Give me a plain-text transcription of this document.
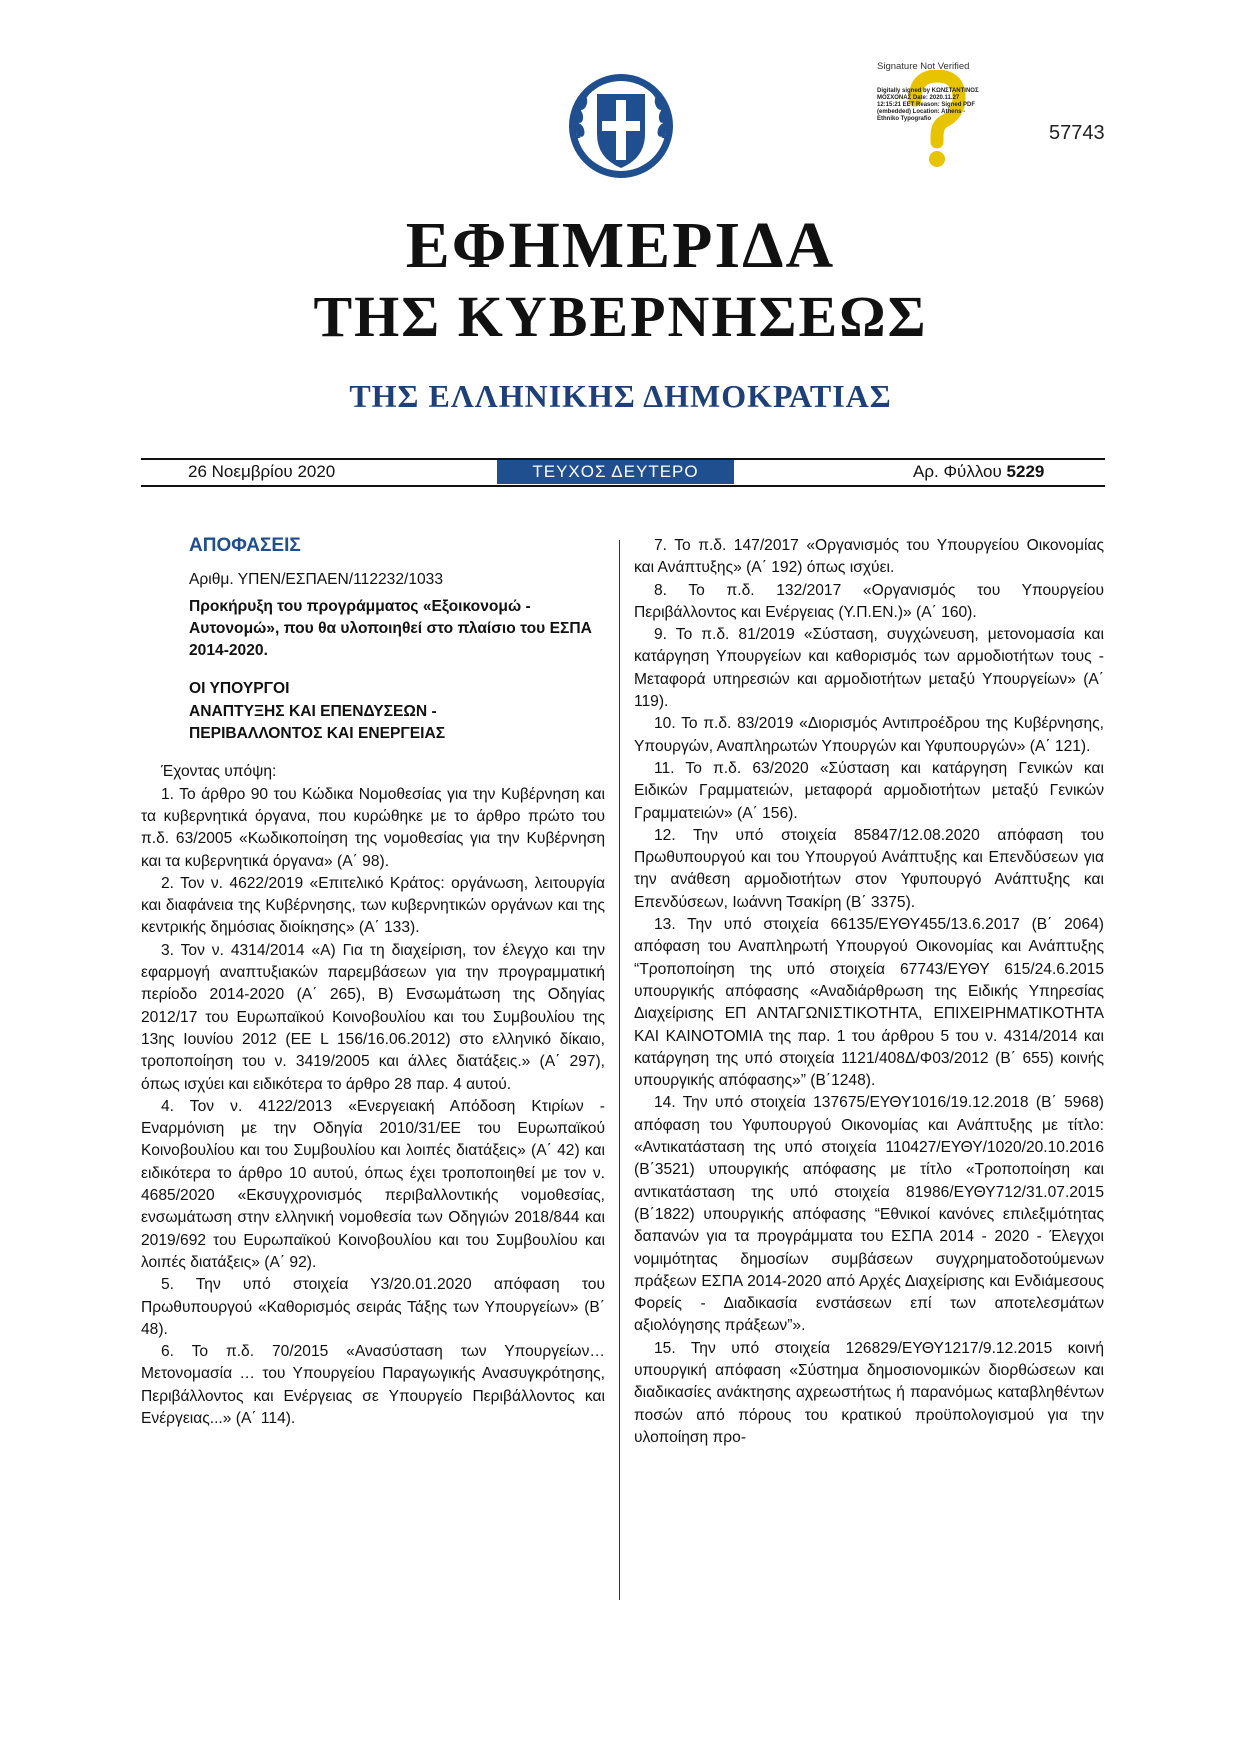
Signature Not Verified
Digitally signed by ΚΩΝΣΤΑΝΤΙΝΟΣ ΜΟΣΧΟΝΑΣ Date: 2020.11.27 12:15:21 EET Reason: Signed PDF (embedded) Location: Athens - Ethniko Typografio
57743
ΕΦΗΜΕΡΙΔΑ
ΤΗΣ ΚΥΒΕΡΝΗΣΕΩΣ
ΤΗΣ ΕΛΛΗΝΙΚΗΣ ΔΗΜΟΚΡΑΤΙΑΣ
26 Νοεμβρίου 2020	ΤΕΥΧΟΣ ΔΕΥΤΕΡΟ	Αρ. Φύλλου 5229
ΑΠΟΦΑΣΕΙΣ
Αριθμ. ΥΠΕΝ/ΕΣΠΑΕΝ/112232/1033
Προκήρυξη του προγράμματος «Εξοικονομώ - Αυτονομώ», που θα υλοποιηθεί στο πλαίσιο του ΕΣΠΑ 2014-2020.
ΟΙ ΥΠΟΥΡΓΟΙ
ΑΝΑΠΤΥΞΗΣ ΚΑΙ ΕΠΕΝΔΥΣΕΩΝ -
ΠΕΡΙΒΑΛΛΟΝΤΟΣ ΚΑΙ ΕΝΕΡΓΕΙΑΣ
Έχοντας υπόψη:

1. Το άρθρο 90 του Κώδικα Νομοθεσίας για την Κυβέρνηση και τα κυβερνητικά όργανα, που κυρώθηκε με το άρθρο πρώτο του π.δ. 63/2005 «Κωδικοποίηση της νομοθεσίας για την Κυβέρνηση και τα κυβερνητικά όργανα» (Α΄ 98).

2. Τον ν. 4622/2019 «Επιτελικό Κράτος: οργάνωση, λειτουργία και διαφάνεια της Κυβέρνησης, των κυβερνητικών οργάνων και της κεντρικής δημόσιας διοίκησης» (Α΄ 133).

3. Τον ν. 4314/2014 «Α) Για τη διαχείριση, τον έλεγχο και την εφαρμογή αναπτυξιακών παρεμβάσεων για την προγραμματική περίοδο 2014-2020 (Α΄ 265), Β) Ενσωμάτωση της Οδηγίας 2012/17 του Ευρωπαϊκού Κοινοβουλίου και του Συμβουλίου της 13ης Ιουνίου 2012 (ΕΕ L 156/16.06.2012) στο ελληνικό δίκαιο, τροποποίηση του ν. 3419/2005 και άλλες διατάξεις.» (Α΄ 297), όπως ισχύει και ειδικότερα το άρθρο 28 παρ. 4 αυτού.

4. Τον ν. 4122/2013 «Ενεργειακή Απόδοση Κτιρίων - Εναρμόνιση με την Οδηγία 2010/31/ΕΕ του Ευρωπαϊκού Κοινοβουλίου και του Συμβουλίου και λοιπές διατάξεις» (Α΄ 42) και ειδικότερα το άρθρο 10 αυτού, όπως έχει τροποποιηθεί με τον ν. 4685/2020 «Εκσυγχρονισμός περιβαλλοντικής νομοθεσίας, ενσωμάτωση στην ελληνική νομοθεσία των Οδηγιών 2018/844 και 2019/692 του Ευρωπαϊκού Κοινοβουλίου και του Συμβουλίου και λοιπές διατάξεις» (Α΄ 92).

5. Την υπό στοιχεία Υ3/20.01.2020 απόφαση του Πρωθυπουργού «Καθορισμός σειράς Τάξης των Υπουργείων» (Β΄ 48).

6. Το π.δ. 70/2015 «Ανασύσταση των Υπουργείων… Μετονομασία … του Υπουργείου Παραγωγικής Ανασυγκρότησης, Περιβάλλοντος και Ενέργειας σε Υπουργείο Περιβάλλοντος και Ενέργειας...» (Α΄ 114).

7. Το π.δ. 147/2017 «Οργανισμός του Υπουργείου Οικονομίας και Ανάπτυξης» (Α΄ 192) όπως ισχύει.

8. Το π.δ. 132/2017 «Οργανισμός του Υπουργείου Περιβάλλοντος και Ενέργειας (Υ.Π.ΕΝ.)» (Α΄ 160).

9. Το π.δ. 81/2019 «Σύσταση, συγχώνευση, μετονομασία και κατάργηση Υπουργείων και καθορισμός των αρμοδιοτήτων τους - Μεταφορά υπηρεσιών και αρμοδιοτήτων μεταξύ Υπουργείων» (Α΄ 119).

10. Το π.δ. 83/2019 «Διορισμός Αντιπροέδρου της Κυβέρνησης, Υπουργών, Αναπληρωτών Υπουργών και Υφυπουργών» (Α΄ 121).

11. Το π.δ. 63/2020 «Σύσταση και κατάργηση Γενικών και Ειδικών Γραμματειών, μεταφορά αρμοδιοτήτων μεταξύ Γενικών Γραμματειών» (Α΄ 156).

12. Την υπό στοιχεία 85847/12.08.2020 απόφαση του Πρωθυπουργού και του Υπουργού Ανάπτυξης και Επενδύσεων για την ανάθεση αρμοδιοτήτων στον Υφυπουργό Ανάπτυξης και Επενδύσεων, Ιωάννη Τσακίρη (Β΄ 3375).

13. Την υπό στοιχεία 66135/ΕΥΘΥ455/13.6.2017 (Β΄ 2064) απόφαση του Αναπληρωτή Υπουργού Οικονομίας και Ανάπτυξης “Τροποποίηση της υπό στοιχεία 67743/ΕΥΘΥ 615/24.6.2015 υπουργικής απόφασης «Αναδιάρθρωση της Ειδικής Υπηρεσίας Διαχείρισης ΕΠ ΑΝΤΑΓΩΝΙΣΤΙΚΟΤΗΤΑ, ΕΠΙΧΕΙΡΗΜΑΤΙΚΟΤΗΤΑ ΚΑΙ ΚΑΙΝΟΤΟΜΙΑ της παρ. 1 του άρθρου 5 του ν. 4314/2014 και κατάργηση της υπό στοιχεία 1121/408Δ/Φ03/2012 (Β΄ 655) κοινής υπουργικής απόφασης»” (Β΄1248).

14. Την υπό στοιχεία 137675/ΕΥΘΥ1016/19.12.2018 (Β΄ 5968) απόφαση του Υφυπουργού Οικονομίας και Ανάπτυξης με τίτλο: «Αντικατάσταση της υπό στοιχεία 110427/ΕΥΘΥ/1020/20.10.2016 (Β΄3521) υπουργικής απόφασης με τίτλο «Τροποποίηση και αντικατάσταση της υπό στοιχεία 81986/ΕΥΘΥ712/31.07.2015 (Β΄1822) υπουργικής απόφασης “Εθνικοί κανόνες επιλεξιμότητας δαπανών για τα προγράμματα του ΕΣΠΑ 2014 - 2020 - Έλεγχοι νομιμότητας δημοσίων συμβάσεων συγχρηματοδοτούμενων πράξεων ΕΣΠΑ 2014-2020 από Αρχές Διαχείρισης και Ενδιάμεσους Φορείς - Διαδικασία ενστάσεων επί των αποτελεσμάτων αξιολόγησης πράξεων”».

15. Την υπό στοιχεία 126829/ΕΥΘΥ1217/9.12.2015 κοινή υπουργική απόφαση «Σύστημα δημοσιονομικών διορθώσεων και διαδικασίες ανάκτησης αχρεωστήτως ή παρανόμως καταβληθέντων ποσών από πόρους του κρατικού προϋπολογισμού για την υλοποίηση προ-
